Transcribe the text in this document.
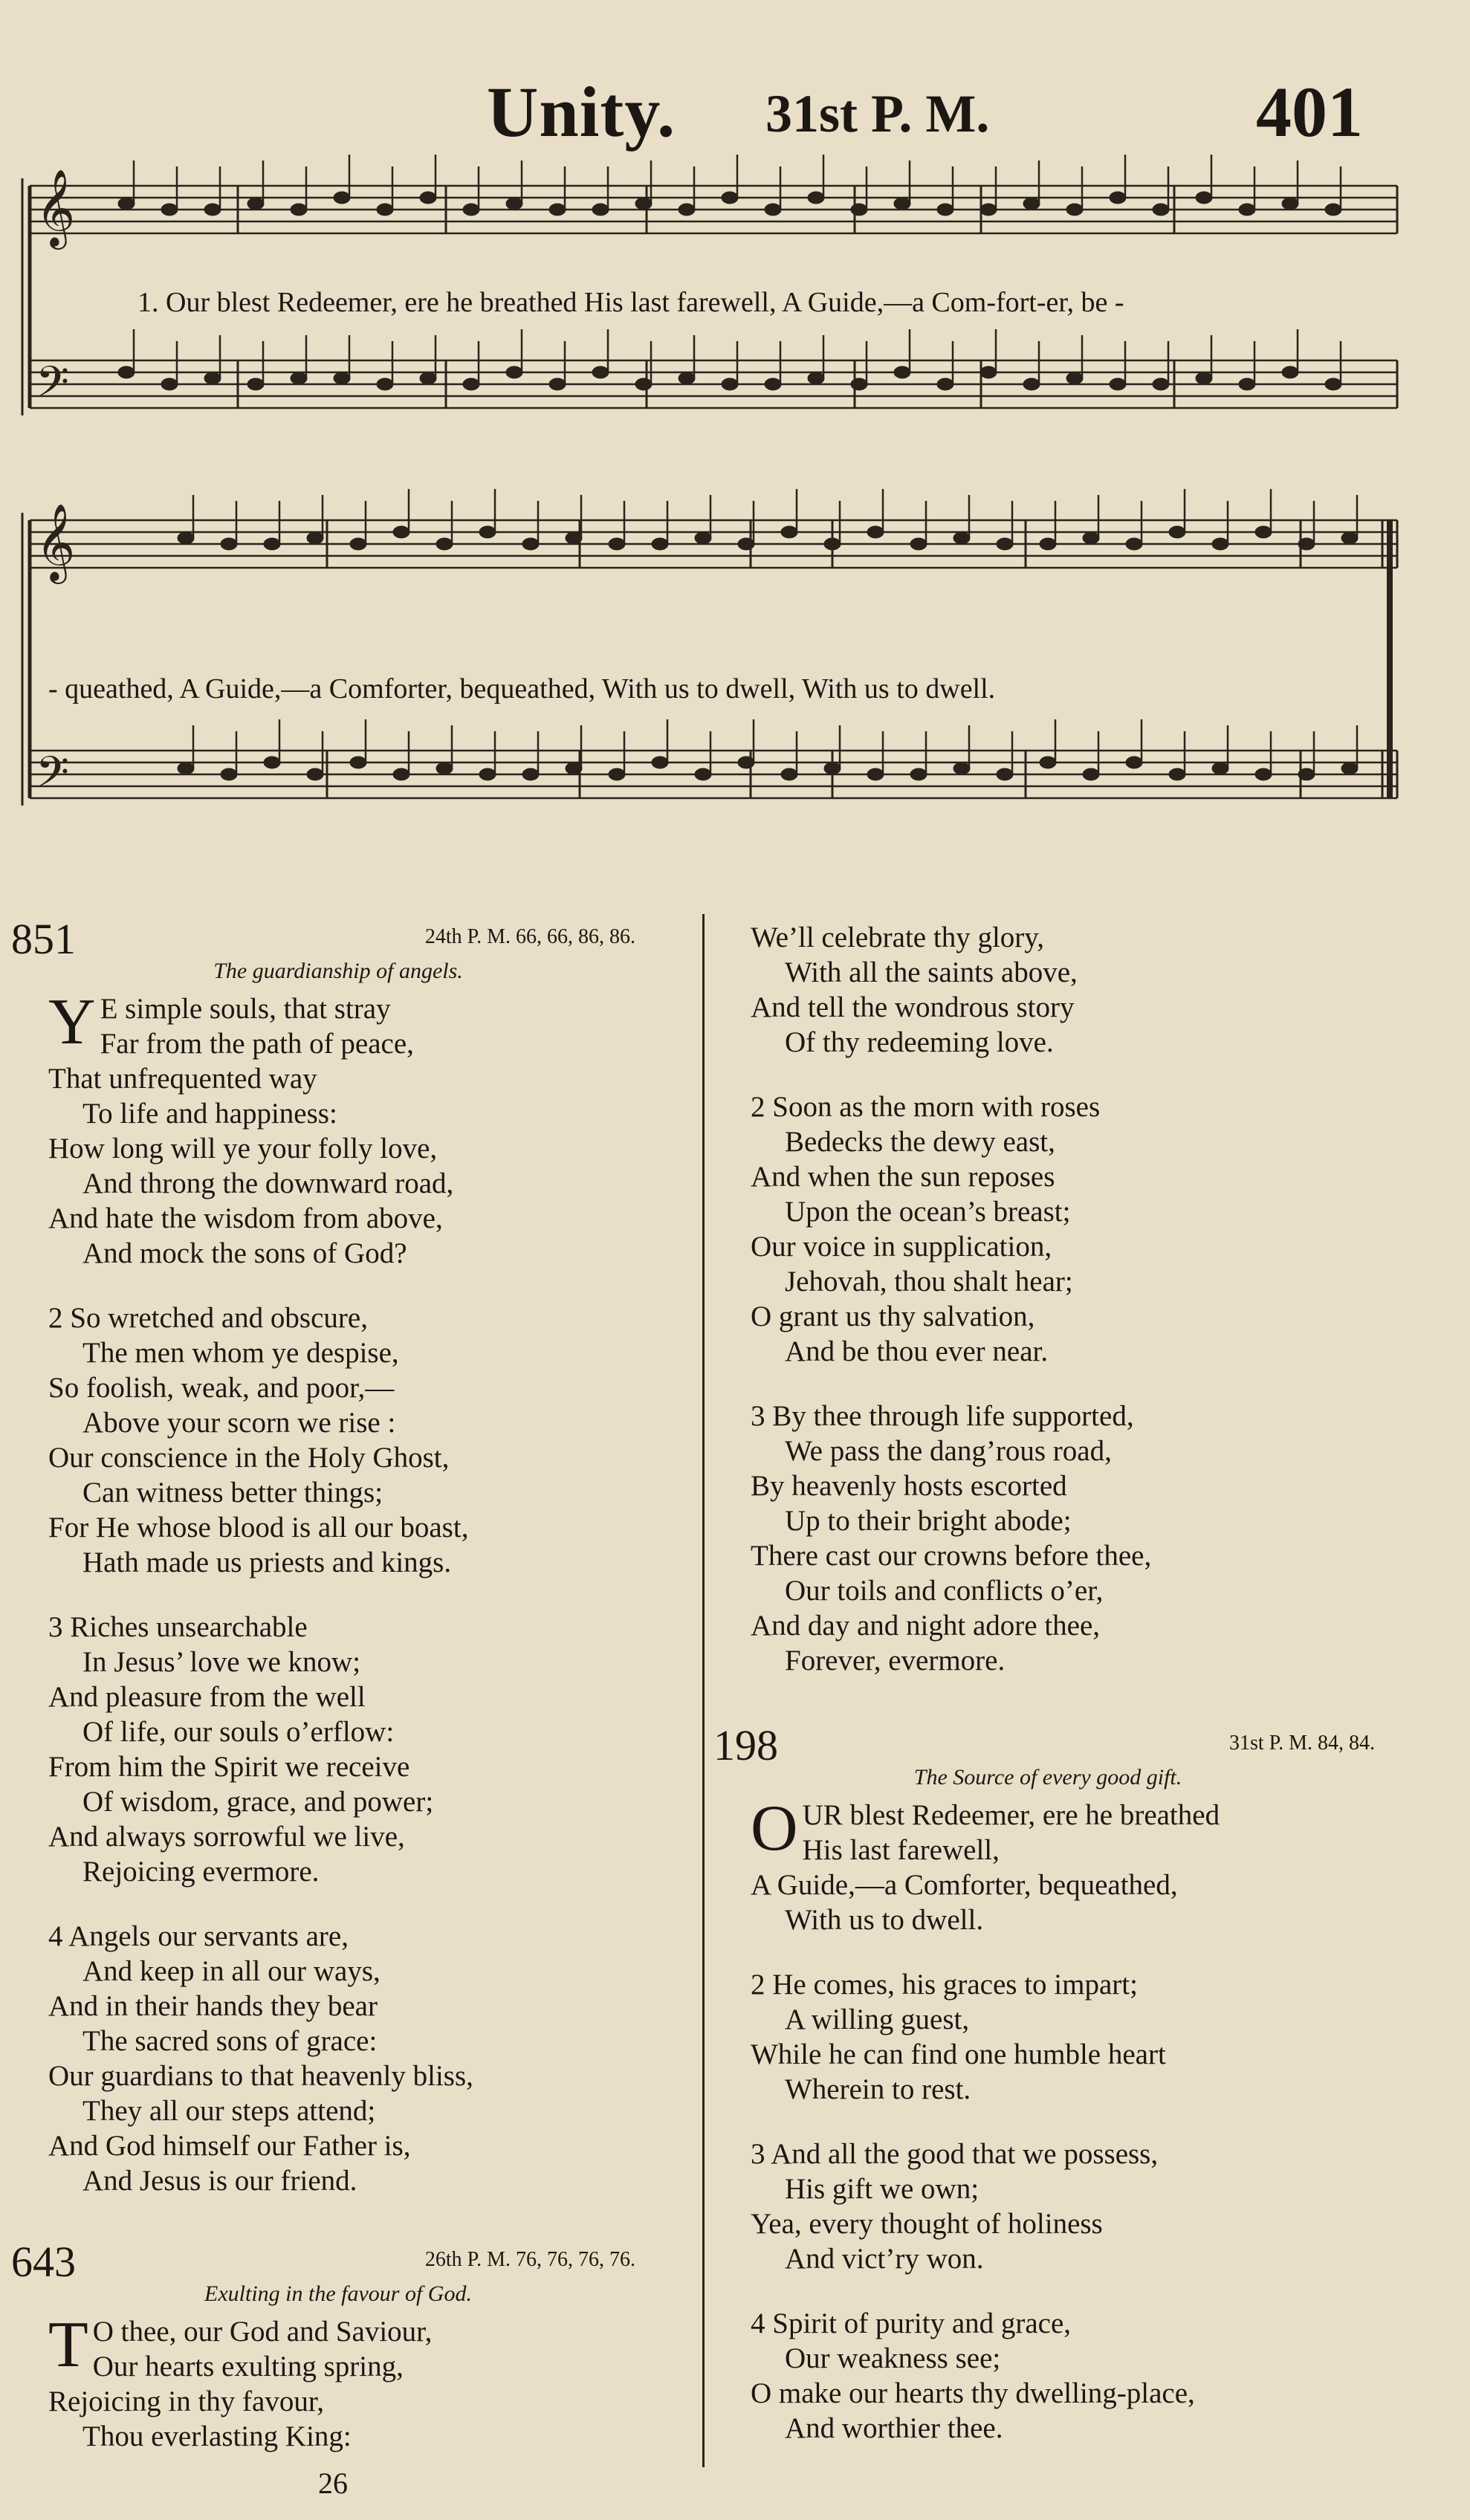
Unity. 31st P. M.	401
𝄞
𝄢
𝄞
𝄢
1. Our blest Redeemer, ere he breathed His last farewell, A Guide,—a Com-fort-er, be -
- queathed, A Guide,—a Comforter, bequeathed, With us to dwell, With us to dwell.
851	24th P. M. 66, 66, 86, 86.
The guardianship of angels.
Y E simple souls, that stray
Far from the path of peace,
That unfrequented way
To life and happiness:
How long will ye your folly love,
And throng the downward road,
And hate the wisdom from above,
And mock the sons of God?
2 So wretched and obscure,
The men whom ye despise,
So foolish, weak, and poor,—
Above your scorn we rise :
Our conscience in the Holy Ghost,
Can witness better things;
For He whose blood is all our boast,
Hath made us priests and kings.
3 Riches unsearchable
In Jesus’ love we know;
And pleasure from the well
Of life, our souls o’erflow:
From him the Spirit we receive
Of wisdom, grace, and power;
And always sorrowful we live,
Rejoicing evermore.
4 Angels our servants are,
And keep in all our ways,
And in their hands they bear
The sacred sons of grace:
Our guardians to that heavenly bliss,
They all our steps attend;
And God himself our Father is,
And Jesus is our friend.
643	26th P. M. 76, 76, 76, 76.
Exulting in the favour of God.
T O thee, our God and Saviour,
Our hearts exulting spring,
Rejoicing in thy favour,
Thou everlasting King:
26
We’ll celebrate thy glory,
With all the saints above,
And tell the wondrous story
Of thy redeeming love.
2 Soon as the morn with roses
Bedecks the dewy east,
And when the sun reposes
Upon the ocean’s breast;
Our voice in supplication,
Jehovah, thou shalt hear;
O grant us thy salvation,
And be thou ever near.
3 By thee through life supported,
We pass the dang’rous road,
By heavenly hosts escorted
Up to their bright abode;
There cast our crowns before thee,
Our toils and conflicts o’er,
And day and night adore thee,
Forever, evermore.
198	31st P. M. 84, 84.
The Source of every good gift.
OUR blest Redeemer, ere he breathed
His last farewell,
A Guide,—a Comforter, bequeathed,
With us to dwell.
2 He comes, his graces to impart;
A willing guest,
While he can find one humble heart
Wherein to rest.
3 And all the good that we possess,
His gift we own;
Yea, every thought of holiness
And vict’ry won.
4 Spirit of purity and grace,
Our weakness see;
O make our hearts thy dwelling-place,
And worthier thee.
